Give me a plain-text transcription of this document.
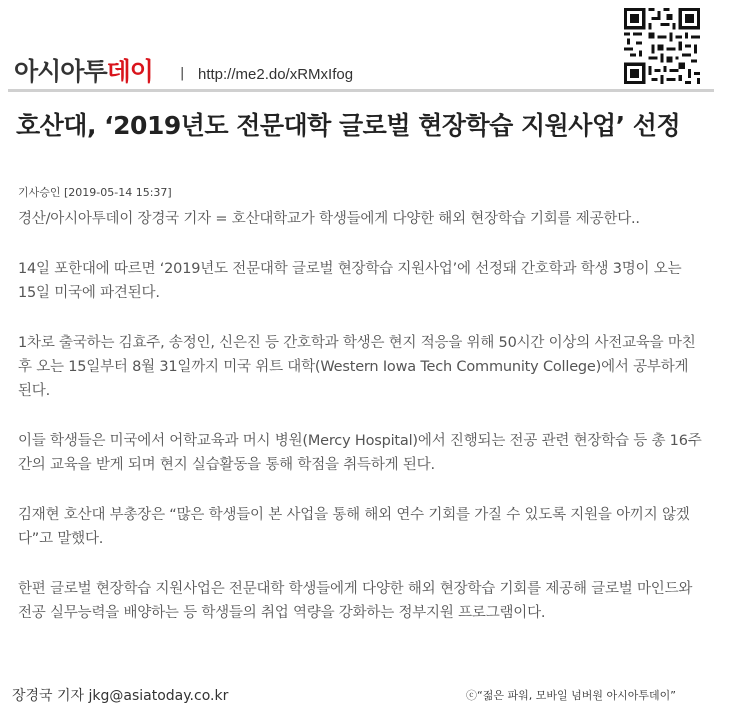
아시아투데이 | http://me2.do/xRMxIfog
호산대, ‘2019년도 전문대학 글로벌 현장학습 지원사업’ 선정
기사승인 [2019-05-14 15:37]

경산/아시아투데이 장경국 기자 = 호산대학교가 학생들에게 다양한 해외 현장학습 기회를 제공한다..

14일 포한대에 따르면 ‘2019년도 전문대학 글로벌 현장학습 지원사업’에 선정돼 간호학과 학생 3명이 오는 15일 미국에 파견된다.

1차로 출국하는 김효주, 송정인, 신은진 등 간호학과 학생은 현지 적응을 위해 50시간 이상의 사전교육을 마친 후 오는 15일부터 8월 31일까지 미국 위트 대학(Western Iowa Tech Community College)에서 공부하게 된다.

이들 학생들은 미국에서 어학교육과 머시 병원(Mercy Hospital)에서 진행되는 전공 관련 현장학습 등 총 16주간의 교육을 받게 되며 현지 실습활동을 통해 학점을 취득하게 된다.

김재현 호산대 부총장은 “많은 학생들이 본 사업을 통해 해외 연수 기회를 가질 수 있도록 지원을 아끼지 않겠다”고 말했다.

한편 글로벌 현장학습 지원사업은 전문대학 학생들에게 다양한 해외 현장학습 기회를 제공해 글로벌 마인드와 전공 실무능력을 배양하는 등 학생들의 취업 역량을 강화하는 정부지원 프로그램이다.

장경국 기자 jkg@asiatoday.co.kr	ⓒ“젊은 파워, 모바일 넘버원 아시아투데이”
